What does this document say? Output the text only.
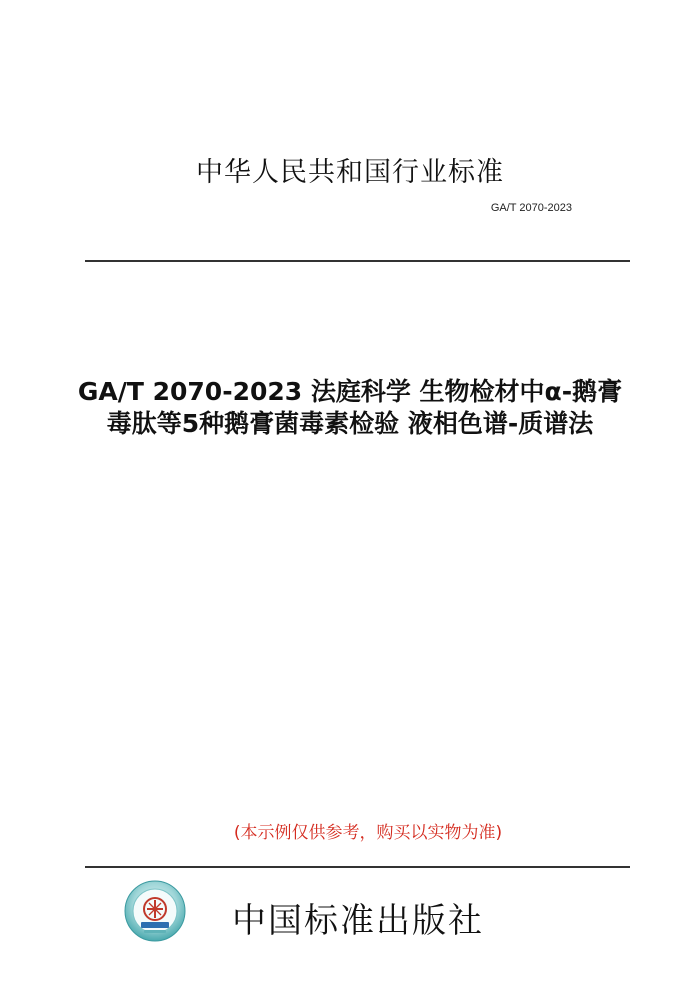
中华人民共和国行业标准
GA/T 2070-2023
GA/T 2070-2023 法庭科学 生物检材中α-鹅膏
毒肽等5种鹅膏菌毒素检验 液相色谱-质谱法
(本示例仅供参考，购买以实物为准)
中国标准出版社
